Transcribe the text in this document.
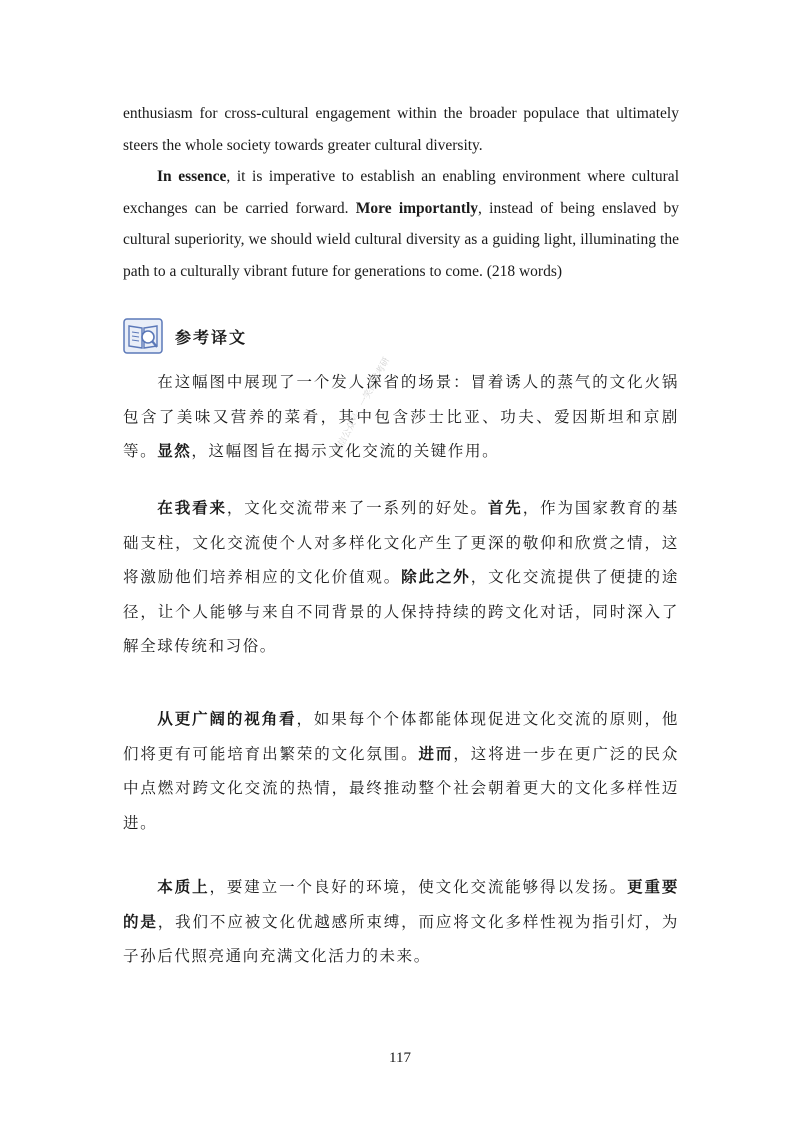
enthusiasm for cross-cultural engagement within the broader populace that ultimately steers the whole society towards greater cultural diversity.

In essence, it is imperative to establish an enabling environment where cultural exchanges can be carried forward. More importantly, instead of being enslaved by cultural superiority, we should wield cultural diversity as a guiding light, illuminating the path to a culturally vibrant future for generations to come. (218 words)

参考译文

在这幅图中展现了一个发人深省的场景：冒着诱人的蒸气的文化火锅包含了美味又营养的菜肴，其中包含莎士比亚、功夫、爱因斯坦和京剧等。显然，这幅图旨在揭示文化交流的关键作用。

在我看来，文化交流带来了一系列的好处。首先，作为国家教育的基础支柱，文化交流使个人对多样化文化产生了更深的敬仰和欣赏之情，这将激励他们培养相应的文化价值观。除此之外，文化交流提供了便捷的途径，让个人能够与来自不同背景的人保持持续的跨文化对话，同时深入了解全球传统和习俗。

从更广阔的视角看，如果每个个体都能体现促进文化交流的原则，他们将更有可能培育出繁荣的文化氛围。进而，这将进一步在更广泛的民众中点燃对跨文化交流的热情，最终推动整个社会朝着更大的文化多样性迈进。

本质上，要建立一个良好的环境，使文化交流能够得以发扬。更重要的是，我们不应被文化优越感所束缚，而应将文化多样性视为指引灯，为子孙后代照亮通向充满文化活力的未来。

微信公众号：一笑而过考研
117
